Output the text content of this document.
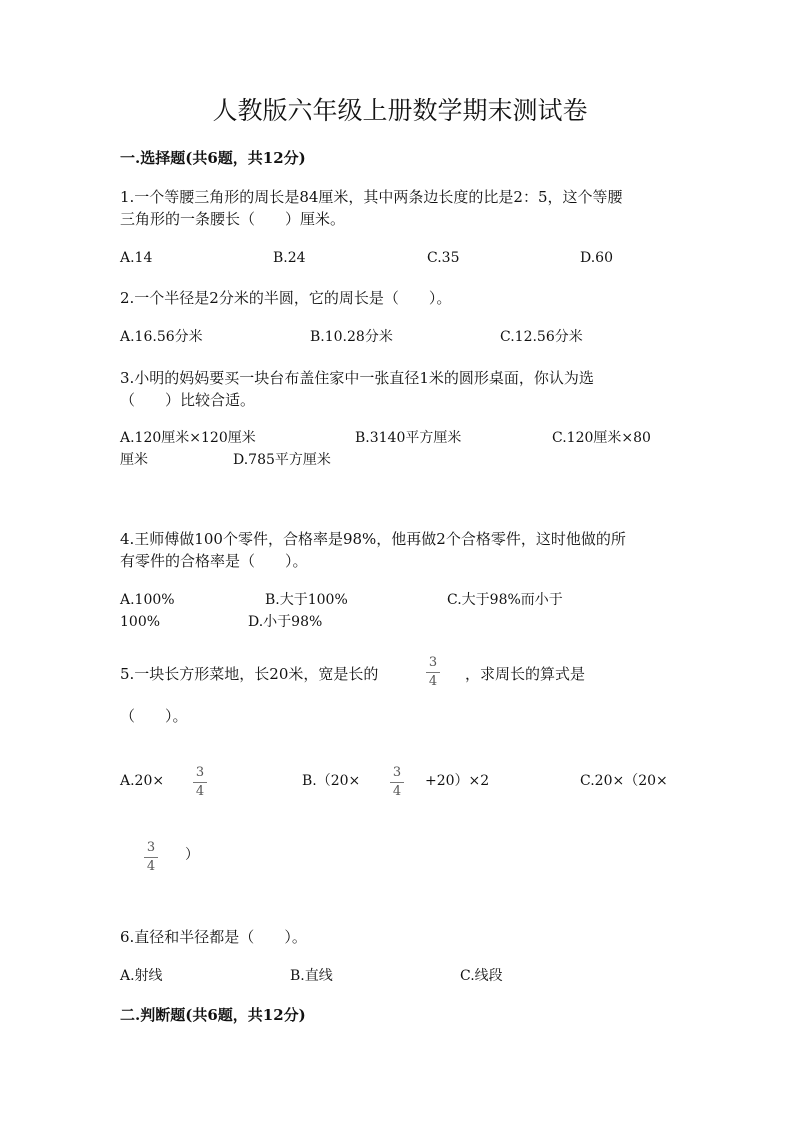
人教版六年级上册数学期末测试卷
一.选择题(共6题，共12分)
1.一个等腰三角形的周长是84厘米，其中两条边长度的比是2：5，这个等腰
三角形的一条腰长（　　）厘米。
A.14	B.24	C.35	D.60
2.一个半径是2分米的半圆，它的周长是（　　）。
A.16.56分米	B.10.28分米	C.12.56分米
3.小明的妈妈要买一块台布盖住家中一张直径1米的圆形桌面，你认为选
（　　）比较合适。
A.120厘米×120厘米	B.3140平方厘米	C.120厘米×80
厘米	D.785平方厘米
4.王师傅做100个零件，合格率是98%，他再做2个合格零件，这时他做的所
有零件的合格率是（　　）。
A.100%	B.大于100%	C.大于98%而小于
100%	D.小于98%
5.一块长方形菜地，长20米，宽是长的
3
4 ，求周长的算式是
（　　）。
A.20×
3
4
B.（20×
3
4
+20）×2	C.20×（20×
3
4
）
6.直径和半径都是（　　）。
A.射线	B.直线	C.线段
二.判断题(共6题，共12分)
